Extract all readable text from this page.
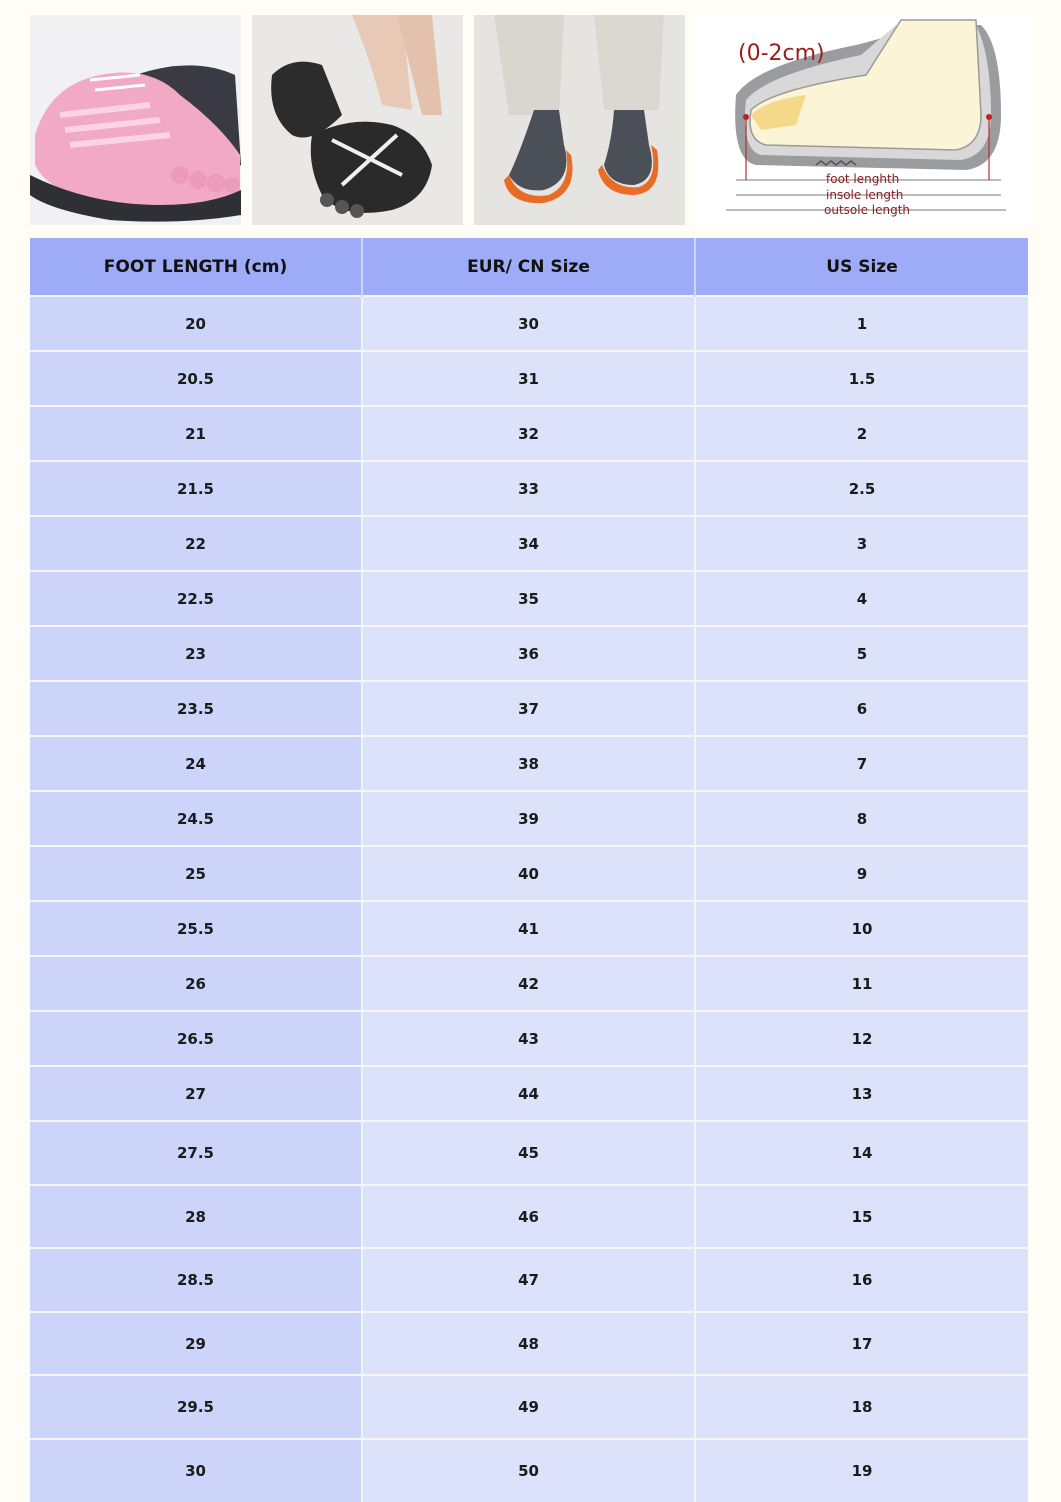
(0-2cm)
foot lenghth
insole length
outsole length
FOOT LENGTH (cm)	EUR/ CN Size	US Size
20	30	1
20.5	31	1.5
21	32	2
21.5	33	2.5
22	34	3
22.5	35	4
23	36	5
23.5	37	6
24	38	7
24.5	39	8
25	40	9
25.5	41	10
26	42	11
26.5	43	12
27	44	13
27.5	45	14
28	46	15
28.5	47	16
29	48	17
29.5	49	18
30	50	19
